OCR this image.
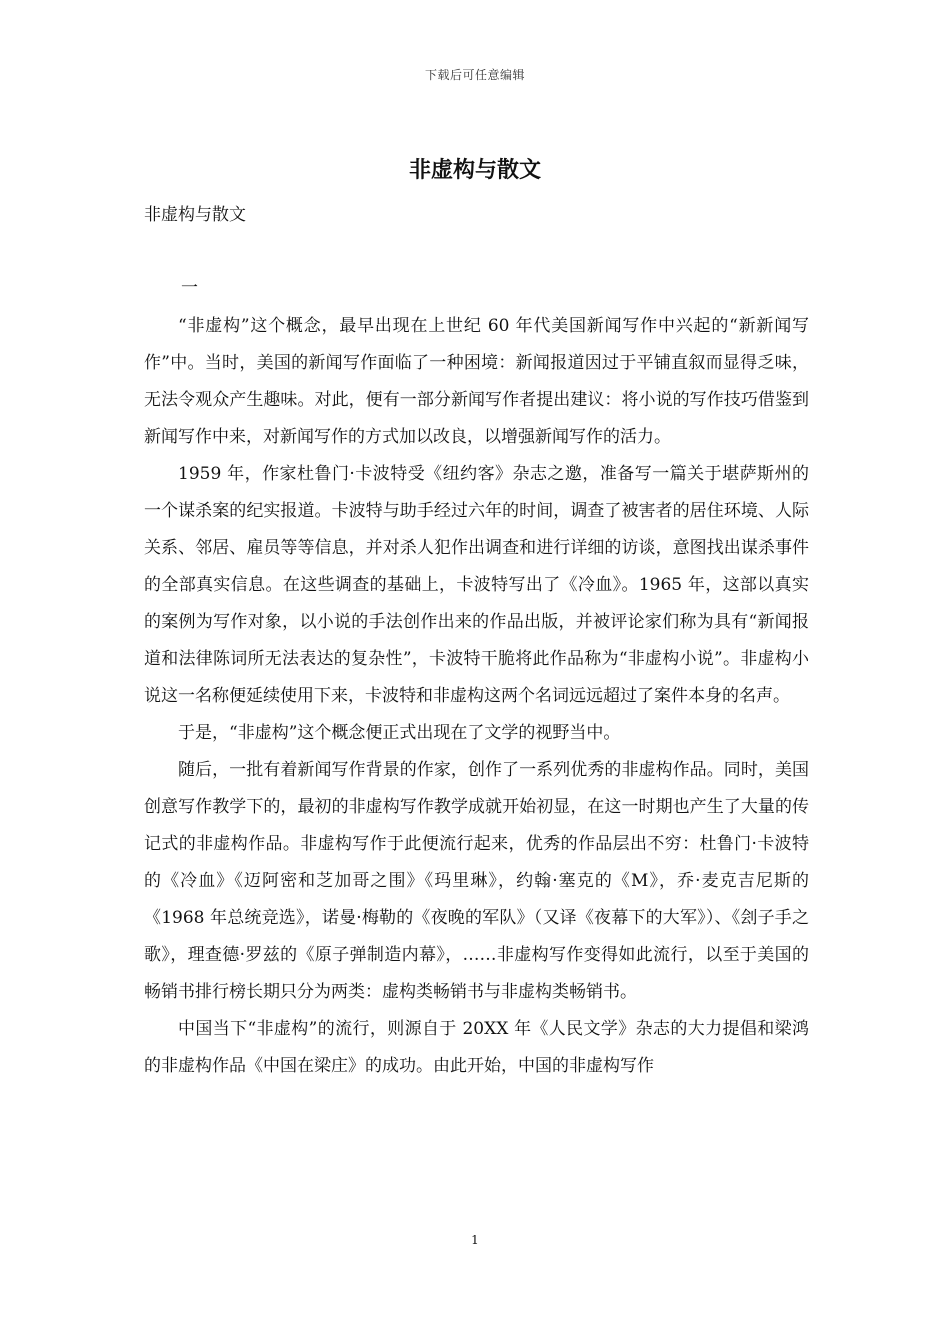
下载后可任意编辑
非虚构与散文
非虚构与散文
一

“非虚构”这个概念，最早出现在上世纪 60 年代美国新闻写作中兴起的“新新闻写作”中。当时，美国的新闻写作面临了一种困境：新闻报道因过于平铺直叙而显得乏味，无法令观众产生趣味。对此，便有一部分新闻写作者提出建议：将小说的写作技巧借鉴到新闻写作中来，对新闻写作的方式加以改良，以增强新闻写作的活力。

1959 年，作家杜鲁门·卡波特受《纽约客》杂志之邀，准备写一篇关于堪萨斯州的一个谋杀案的纪实报道。卡波特与助手经过六年的时间，调查了被害者的居住环境、人际关系、邻居、雇员等等信息，并对杀人犯作出调查和进行详细的访谈，意图找出谋杀事件的全部真实信息。在这些调查的基础上，卡波特写出了《冷血》。1965 年，这部以真实的案例为写作对象，以小说的手法创作出来的作品出版，并被评论家们称为具有“新闻报道和法律陈词所无法表达的复杂性”，卡波特干脆将此作品称为“非虚构小说”。非虚构小说这一名称便延续使用下来，卡波特和非虚构这两个名词远远超过了案件本身的名声。

于是，“非虚构”这个概念便正式出现在了文学的视野当中。

随后，一批有着新闻写作背景的作家，创作了一系列优秀的非虚构作品。同时，美国创意写作教学下的，最初的非虚构写作教学成就开始初显，在这一时期也产生了大量的传记式的非虚构作品。非虚构写作于此便流行起来，优秀的作品层出不穷：杜鲁门·卡波特的《冷血》《迈阿密和芝加哥之围》《玛里琳》，约翰·塞克的《M》，乔·麦克吉尼斯的《1968 年总统竞选》，诺曼·梅勒的《夜晚的军队》（又译《夜幕下的大军》）、《刽子手之歌》，理查德·罗兹的《原子弹制造内幕》，……非虚构写作变得如此流行，以至于美国的畅销书排行榜长期只分为两类：虚构类畅销书与非虚构类畅销书。

中国当下“非虚构”的流行，则源自于 20XX 年《人民文学》杂志的大力提倡和梁鸿的非虚构作品《中国在梁庄》的成功。由此开始，中国的非虚构写作

1
